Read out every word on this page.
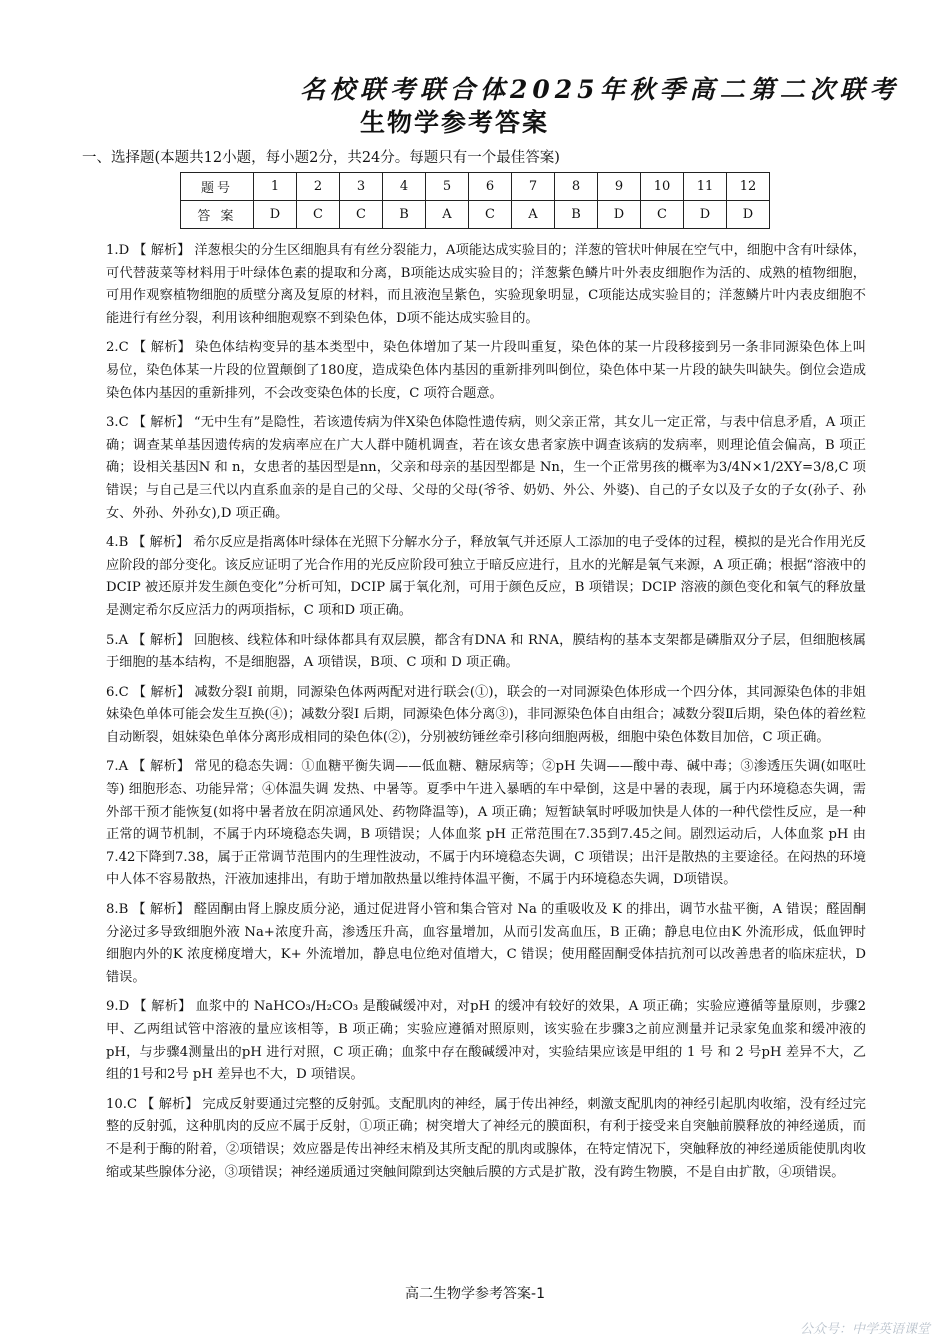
名校联考联合体2025年秋季高二第二次联考
生物学参考答案
一、选择题(本题共12小题，每小题2分，共24分。每题只有一个最佳答案)
题号	1	2	3	4	5	6	7	8	9	10	11	12
答 案	D	C	C	B	A	C	A	B	D	C	D	D

1.D 【 解析】 洋葱根尖的分生区细胞具有有丝分裂能力，A项能达成实验目的；洋葱的管状叶伸展在空气中，细胞中含有叶绿体，可代替菠菜等材料用于叶绿体色素的提取和分离，B项能达成实验目的；洋葱紫色鳞片叶外表皮细胞作为活的、成熟的植物细胞，可用作观察植物细胞的质壁分离及复原的材料，而且液泡呈紫色，实验现象明显，C项能达成实验目的；洋葱鳞片叶内表皮细胞不能进行有丝分裂，利用该种细胞观察不到染色体，D项不能达成实验目的。

2.C 【 解析】 染色体结构变异的基本类型中，染色体增加了某一片段叫重复，染色体的某一片段移接到另一条非同源染色体上叫易位，染色体某一片段的位置颠倒了180度，造成染色体内基因的重新排列叫倒位，染色体中某一片段的缺失叫缺失。倒位会造成染色体内基因的重新排列，不会改变染色体的长度，C 项符合题意。

3.C 【 解析】 “无中生有”是隐性，若该遗传病为伴X染色体隐性遗传病，则父亲正常，其女儿一定正常，与表中信息矛盾，A 项正确；调查某单基因遗传病的发病率应在广大人群中随机调查，若在该女患者家族中调查该病的发病率，则理论值会偏高，B 项正确；设相关基因N 和 n，女患者的基因型是nn，父亲和母亲的基因型都是 Nn，生一个正常男孩的概率为3/4N×1/2XY=3/8,C 项错误；与自己是三代以内直系血亲的是自己的父母、父母的父母(爷爷、奶奶、外公、外婆)、自己的子女以及子女的子女(孙子、孙女、外孙、外孙女),D 项正确。

4.B 【 解析】 希尔反应是指离体叶绿体在光照下分解水分子，释放氧气并还原人工添加的电子受体的过程，模拟的是光合作用光反应阶段的部分变化。该反应证明了光合作用的光反应阶段可独立于暗反应进行，且水的光解是氧气来源，A 项正确；根据“溶液中的DCIP 被还原并发生颜色变化”分析可知，DCIP 属于氧化剂，可用于颜色反应，B 项错误；DCIP 溶液的颜色变化和氧气的释放量是测定希尔反应活力的两项指标，C 项和D 项正确。

5.A 【 解析】 回胞核、线粒体和叶绿体都具有双层膜，都含有DNA 和 RNA，膜结构的基本支架都是磷脂双分子层，但细胞核属于细胞的基本结构，不是细胞器，A 项错误，B项、C 项和 D 项正确。

6.C 【 解析】 减数分裂I 前期，同源染色体两两配对进行联会(①)，联会的一对同源染色体形成一个四分体，其同源染色体的非姐妹染色单体可能会发生互换(④)；减数分裂I 后期，同源染色体分离③)，非同源染色体自由组合；减数分裂Ⅱ后期，染色体的着丝粒自动断裂，姐妹染色单体分离形成相同的染色体(②)，分别被纺锤丝牵引移向细胞两极，细胞中染色体数目加倍，C 项正确。

7.A 【 解析】 常见的稳态失调：①血糖平衡失调——低血糖、糖尿病等；②pH 失调——酸中毒、碱中毒；③渗透压失调(如呕吐等) 细胞形态、功能异常；④体温失调 发热、中暑等。夏季中午进入暴晒的车中晕倒，这是中暑的表现，属于内环境稳态失调，需外部干预才能恢复(如将中暑者放在阴凉通风处、药物降温等)，A 项正确；短暂缺氧时呼吸加快是人体的一种代偿性反应，是一种正常的调节机制，不属于内环境稳态失调，B 项错误；人体血浆 pH 正常范围在7.35到7.45之间。剧烈运动后，人体血浆 pH 由7.42下降到7.38，属于正常调节范围内的生理性波动，不属于内环境稳态失调，C 项错误；出汗是散热的主要途径。在闷热的环境中人体不容易散热，汗液加速排出，有助于增加散热量以维持体温平衡，不属于内环境稳态失调，D项错误。

8.B 【 解析】 醛固酮由肾上腺皮质分泌，通过促进肾小管和集合管对 Na 的重吸收及 K 的排出，调节水盐平衡，A 错误；醛固酮分泌过多导致细胞外液 Na+浓度升高，渗透压升高，血容量增加，从而引发高血压，B 正确；静息电位由K 外流形成，低血钾时细胞内外的K 浓度梯度增大，K+ 外流增加，静息电位绝对值增大，C 错误；使用醛固酮受体拮抗剂可以改善患者的临床症状，D 错误。

9.D 【 解析】 血浆中的 NaHCO₃/H₂CO₃ 是酸碱缓冲对，对pH 的缓冲有较好的效果，A 项正确；实验应遵循等量原则，步骤2甲、乙两组试管中溶液的量应该相等，B 项正确；实验应遵循对照原则，该实验在步骤3之前应测量并记录家兔血浆和缓冲液的pH，与步骤4测量出的pH 进行对照，C 项正确；血浆中存在酸碱缓冲对，实验结果应该是甲组的 1 号 和 2 号pH 差异不大，乙组的1号和2号 pH 差异也不大，D 项错误。

10.C 【 解析】 完成反射要通过完整的反射弧。支配肌肉的神经，属于传出神经，刺激支配肌肉的神经引起肌肉收缩，没有经过完整的反射弧，这种肌肉的反应不属于反射，①项正确；树突增大了神经元的膜面积，有利于接受来自突触前膜释放的神经递质，而不是利于酶的附着，②项错误；效应器是传出神经末梢及其所支配的肌肉或腺体，在特定情况下，突触释放的神经递质能使肌肉收缩或某些腺体分泌，③项错误；神经递质通过突触间隙到达突触后膜的方式是扩散，没有跨生物膜，不是自由扩散，④项错误。

高二生物学参考答案-1
公众号：中学英语课堂
